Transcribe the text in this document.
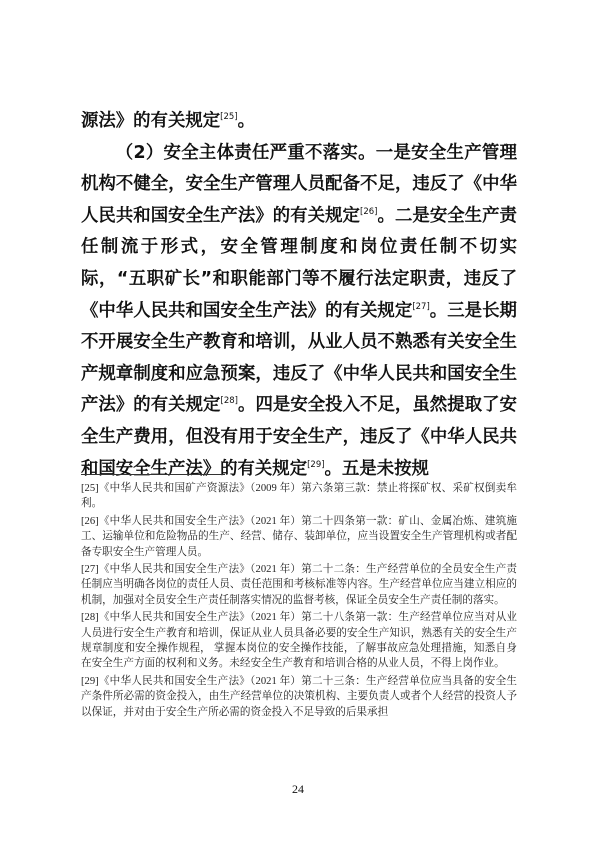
源法》的有关规定[25]。

（2）安全主体责任严重不落实。一是安全生产管理机构不健全，安全生产管理人员配备不足，违反了《中华人民共和国安全生产法》的有关规定[26]。二是安全生产责任制流于形式，安全管理制度和岗位责任制不切实际，“五职矿长”和职能部门等不履行法定职责，违反了《中华人民共和国安全生产法》的有关规定[27]。三是长期不开展安全生产教育和培训，从业人员不熟悉有关安全生产规章制度和应急预案，违反了《中华人民共和国安全生产法》的有关规定[28]。四是安全投入不足，虽然提取了安全生产费用，但没有用于安全生产，违反了《中华人民共和国安全生产法》的有关规定[29]。五是未按规

[25]《中华人民共和国矿产资源法》（2009 年）第六条第三款：禁止将探矿权、采矿权倒卖牟利。

[26]《中华人民共和国安全生产法》（2021 年）第二十四条第一款：矿山、金属冶炼、建筑施工、运输单位和危险物品的生产、经营、储存、装卸单位，应当设置安全生产管理机构或者配备专职安全生产管理人员。

[27]《中华人民共和国安全生产法》（2021 年）第二十二条：生产经营单位的全员安全生产责任制应当明确各岗位的责任人员、责任范围和考核标准等内容。生产经营单位应当建立相应的机制，加强对全员安全生产责任制落实情况的监督考核，保证全员安全生产责任制的落实。

[28]《中华人民共和国安全生产法》（2021 年）第二十八条第一款：生产经营单位应当对从业人员进行安全生产教育和培训，保证从业人员具备必要的安全生产知识，熟悉有关的安全生产规章制度和安全操作规程， 掌握本岗位的安全操作技能，了解事故应急处理措施，知悉自身在安全生产方面的权利和义务。未经安全生产教育和培训合格的从业人员，不得上岗作业。

[29]《中华人民共和国安全生产法》（2021 年）第二十三条：生产经营单位应当具备的安全生产条件所必需的资金投入，由生产经营单位的决策机构、主要负责人或者个人经营的投资人予以保证，并对由于安全生产所必需的资金投入不足导致的后果承担

24
